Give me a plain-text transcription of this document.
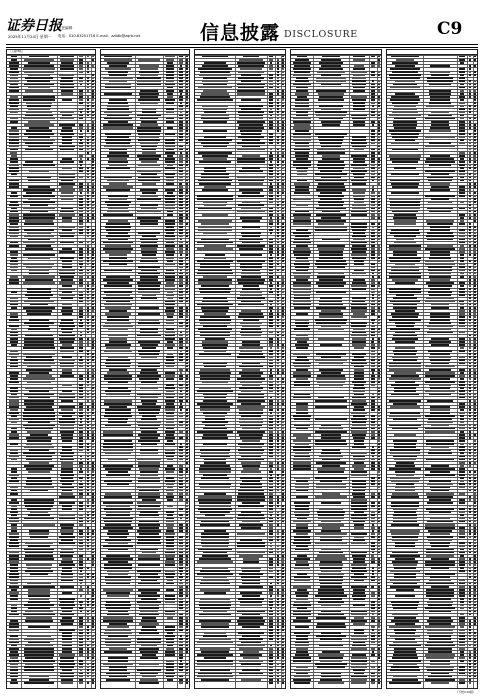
证券日报
责任编辑：
2025年11月24日 星期一 电话：010-83251716 E-mail：zzlldb@zqrb.net	信息披露 DISCLOSURE	C9
（上接C8版）
（下转C10版）
